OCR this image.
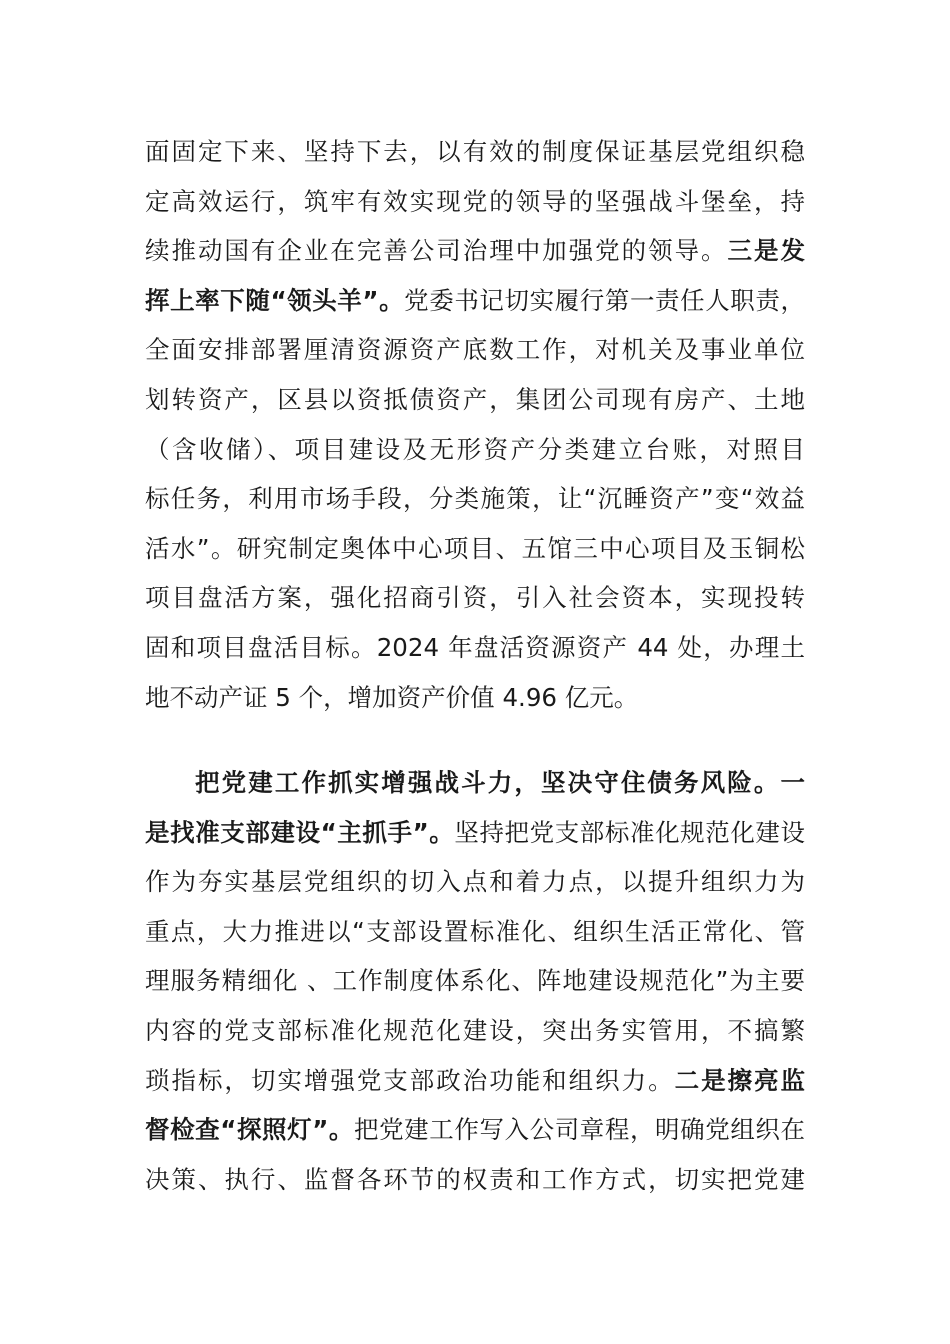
面固定下来、坚持下去，以有效的制度保证基层党组织稳
定高效运行，筑牢有效实现党的领导的坚强战斗堡垒，持
续推动国有企业在完善公司治理中加强党的领导。三是发
挥上率下随“领头羊”。党委书记切实履行第一责任人职责，
全面安排部署厘清资源资产底数工作，对机关及事业单位
划转资产，区县以资抵债资产，集团公司现有房产、土地
（含收储）、项目建设及无形资产分类建立台账，对照目
标任务，利用市场手段，分类施策，让“沉睡资产”变“效益
活水”。研究制定奥体中心项目、五馆三中心项目及玉铜松
项目盘活方案，强化招商引资，引入社会资本，实现投转
固和项目盘活目标。2024 年盘活资源资产 44 处，办理土
地不动产证 5 个，增加资产价值 4.96 亿元。
把党建工作抓实增强战斗力，坚决守住债务风险。一
是找准支部建设“主抓手”。坚持把党支部标准化规范化建设
作为夯实基层党组织的切入点和着力点，以提升组织力为
重点，大力推进以“支部设置标准化、组织生活正常化、管
理服务精细化 、工作制度体系化、阵地建设规范化”为主要
内容的党支部标准化规范化建设，突出务实管用，不搞繁
琐指标，切实增强党支部政治功能和组织力。二是擦亮监
督检查“探照灯”。把党建工作写入公司章程，明确党组织在
决策、执行、监督各环节的权责和工作方式，切实把党建
